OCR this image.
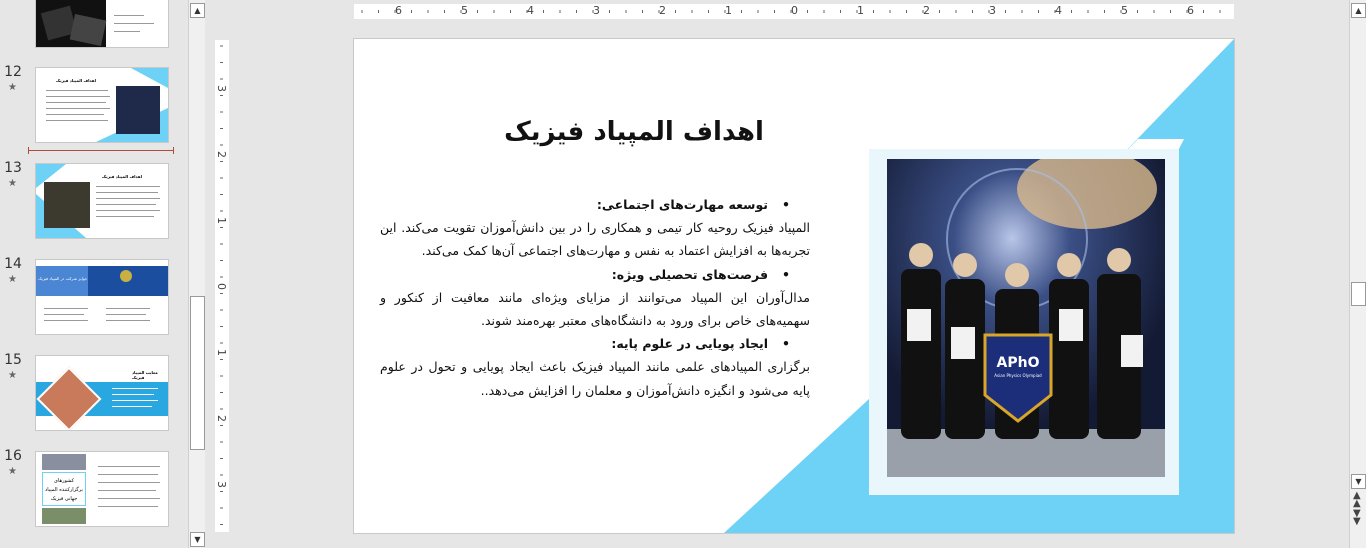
12
★
اهداف المپیاد فیزیک
13
★
اهداف المپیاد فیزیک
14
★	جوایز شرکت در المپیاد فیزیک
15
★	معایب المپیاد فیزیک
16
★
کشورهای برگزارکننده المپیاد جهانی فیزیک
▲
▼
6	5	4	3	2	1	0	1	2	3	4	5	6
3
2
1
0
1
2
3
APhO
Asian Physics Olympiad
اهداف المپیاد فیزیک
• توسعه مهارت‌های اجتماعی:
المپیاد فیزیک روحیه کار تیمی و همکاری را در بین دانش‌آموزان تقویت می‌کند. این تجربه‌ها به افزایش اعتماد به نفس و مهارت‌های اجتماعی آن‌ها کمک می‌کند.
• فرصت‌های تحصیلی ویژه:
مدال‌آوران این المپیاد می‌توانند از مزایای ویژه‌ای مانند معافیت از کنکور و سهمیه‌های خاص برای ورود به دانشگاه‌های معتبر بهره‌مند شوند.
• ایجاد پویایی در علوم پایه:
برگزاری المپیادهای علمی مانند المپیاد فیزیک باعث ایجاد پویایی و تحول در علوم پایه می‌شود و انگیزه دانش‌آموزان و معلمان را افزایش می‌دهد..
▲
▼
▲
▲
▼
▼
